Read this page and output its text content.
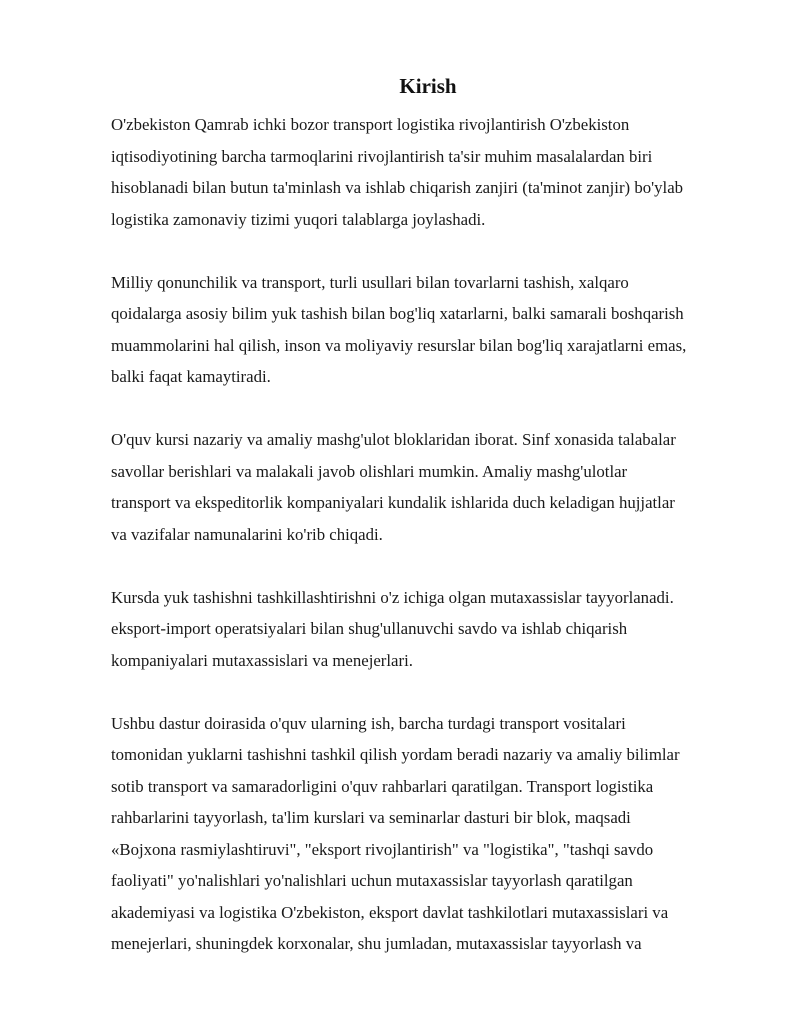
Kirish

O'zbekiston Qamrab ichki bozor transport logistika rivojlantirish O'zbekiston
iqtisodiyotining barcha tarmoqlarini rivojlantirish ta'sir muhim masalalardan biri
hisoblanadi bilan butun ta'minlash va ishlab chiqarish zanjiri (ta'minot zanjir) bo'ylab
logistika zamonaviy tizimi yuqori talablarga joylashadi.

Milliy qonunchilik va transport, turli usullari bilan tovarlarni tashish, xalqaro
qoidalarga asosiy bilim yuk tashish bilan bog'liq xatarlarni, balki samarali boshqarish
muammolarini hal qilish, inson va moliyaviy resurslar bilan bog'liq xarajatlarni emas,
balki faqat kamaytiradi.

O'quv kursi nazariy va amaliy mashg'ulot bloklaridan iborat. Sinf xonasida talabalar
savollar berishlari va malakali javob olishlari mumkin. Amaliy mashg'ulotlar
transport va ekspeditorlik kompaniyalari kundalik ishlarida duch keladigan hujjatlar
va vazifalar namunalarini ko'rib chiqadi.

Kursda yuk tashishni tashkillashtirishni o'z ichiga olgan mutaxassislar tayyorlanadi.
eksport-import operatsiyalari bilan shug'ullanuvchi savdo va ishlab chiqarish
kompaniyalari mutaxassislari va menejerlari.

Ushbu dastur doirasida o'quv ularning ish, barcha turdagi transport vositalari
tomonidan yuklarni tashishni tashkil qilish yordam beradi nazariy va amaliy bilimlar
sotib transport va samaradorligini o'quv rahbarlari qaratilgan. Transport logistika
rahbarlarini tayyorlash, ta'lim kurslari va seminarlar dasturi bir blok, maqsadi
«Bojxona rasmiylashtiruvi", "eksport rivojlantirish" va "logistika", "tashqi savdo
faoliyati" yo'nalishlari yo'nalishlari uchun mutaxassislar tayyorlash qaratilgan
akademiyasi va logistika O'zbekiston, eksport davlat tashkilotlari mutaxassislari va
menejerlari, shuningdek korxonalar, shu jumladan, mutaxassislar tayyorlash va
